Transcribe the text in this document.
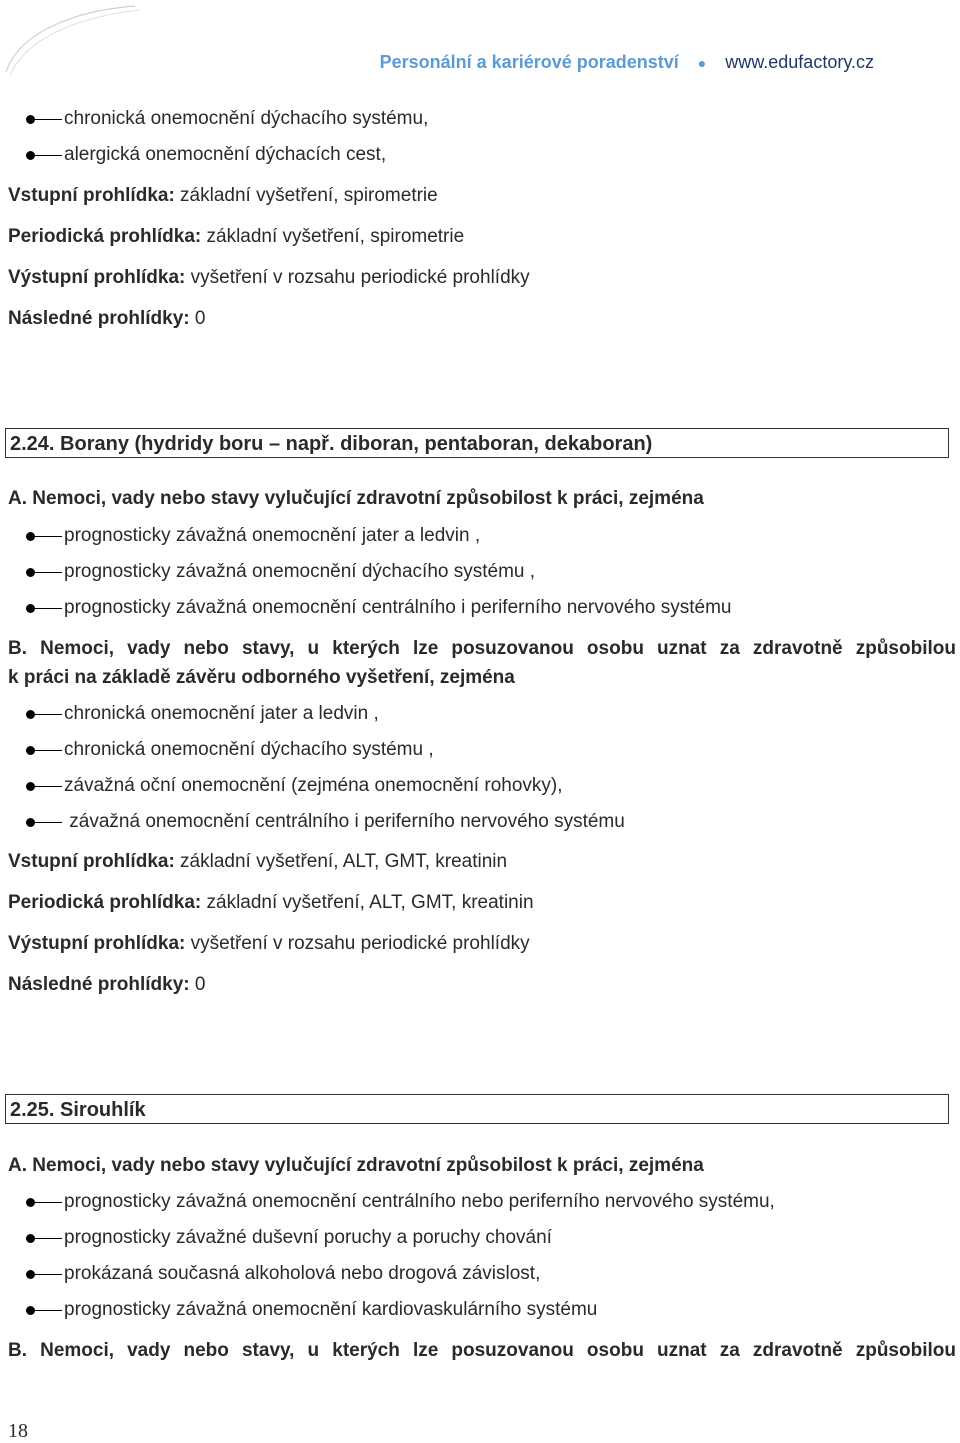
Personální a kariérové poradenství ● www.edufactory.cz
chronická onemocnění dýchacího systému,
alergická onemocnění dýchacích cest,
Vstupní prohlídka: základní vyšetření, spirometrie
Periodická prohlídka: základní vyšetření, spirometrie
Výstupní prohlídka: vyšetření v rozsahu periodické prohlídky
Následné prohlídky: 0
2.24. Borany (hydridy boru – např. diboran, pentaboran, dekaboran)
A. Nemoci, vady nebo stavy vylučující zdravotní způsobilost k práci, zejména
prognosticky závažná onemocnění jater a ledvin ,
prognosticky závažná onemocnění dýchacího systému ,
prognosticky závažná onemocnění centrálního i periferního nervového systému
B. Nemoci, vady nebo stavy, u kterých lze posuzovanou osobu uznat za zdravotně způsobilou
k práci na základě závěru odborného vyšetření, zejména
chronická onemocnění jater a ledvin ,
chronická onemocnění dýchacího systému ,
závažná oční onemocnění (zejména onemocnění rohovky),
závažná onemocnění centrálního i periferního nervového systému
Vstupní prohlídka: základní vyšetření, ALT, GMT, kreatinin
Periodická prohlídka: základní vyšetření, ALT, GMT, kreatinin
Výstupní prohlídka: vyšetření v rozsahu periodické prohlídky
Následné prohlídky: 0
2.25. Sirouhlík
A. Nemoci, vady nebo stavy vylučující zdravotní způsobilost k práci, zejména
prognosticky závažná onemocnění centrálního nebo periferního nervového systému,
prognosticky závažné duševní poruchy a poruchy chování
prokázaná současná alkoholová nebo drogová závislost,
prognosticky závažná onemocnění kardiovaskulárního systému
B. Nemoci, vady nebo stavy, u kterých lze posuzovanou osobu uznat za zdravotně způsobilou
18
